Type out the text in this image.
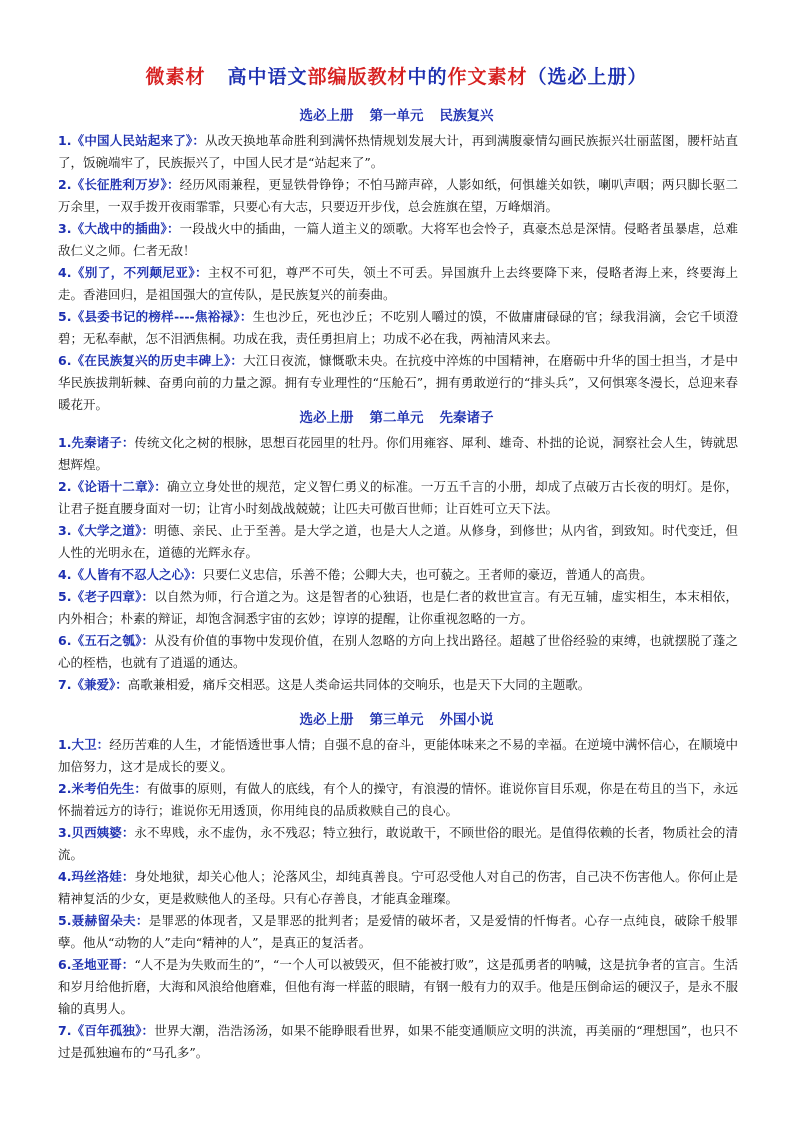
微素材 高中语文部编版教材中的作文素材（选必上册）
选必上册 第一单元 民族复兴
1.《中国人民站起来了》：从改天换地革命胜利到满怀热情规划发展大计，再到满腹豪情勾画民族振兴壮丽蓝图，腰杆站直了，饭碗端牢了，民族振兴了，中国人民才是“站起来了”。
2.《长征胜利万岁》：经历风雨兼程，更显铁骨铮铮；不怕马蹄声碎，人影如纸，何惧雄关如铁，喇叭声咽；两只脚长驱二万余里，一双手拨开夜雨霏霏，只要心有大志，只要迈开步伐，总会旌旗在望，万峰烟消。
3.《大战中的插曲》：一段战火中的插曲，一篇人道主义的颂歌。大将军也会怜子，真豪杰总是深情。侵略者虽暴虐，总难敌仁义之师。仁者无敌！
4.《别了，不列颠尼亚》：主权不可犯，尊严不可失，领土不可丢。异国旗升上去终要降下来，侵略者海上来，终要海上走。香港回归，是祖国强大的宣传队，是民族复兴的前奏曲。
5.《县委书记的榜样----焦裕禄》：生也沙丘，死也沙丘；不吃别人嚼过的馍，不做庸庸碌碌的官；绿我涓滴，会它千顷澄碧；无私奉献，怎不泪洒焦桐。功成在我，责任勇担肩上；功成不必在我，两袖清风来去。
6.《在民族复兴的历史丰碑上》：大江日夜流，慷慨歌未央。在抗疫中淬炼的中国精神，在磨砺中升华的国士担当，才是中华民族拔荆斩棘、奋勇向前的力量之源。拥有专业理性的“压舱石”，拥有勇敢逆行的“排头兵”，又何惧寒冬漫长，总迎来春暖花开。
选必上册 第二单元 先秦诸子
1.先秦诸子：传统文化之树的根脉，思想百花园里的牡丹。你们用雍容、犀利、雄奇、朴拙的论说，洞察社会人生，铸就思想辉煌。
2.《论语十二章》：确立立身处世的规范，定义智仁勇义的标准。一万五千言的小册，却成了点破万古长夜的明灯。是你，让君子挺直腰身面对一切；让宵小时刻战战兢兢；让匹夫可傲百世师；让百姓可立天下法。
3.《大学之道》：明德、亲民、止于至善。是大学之道，也是大人之道。从修身，到修世；从内省，到致知。时代变迁，但人性的光明永在，道德的光辉永存。
4.《人皆有不忍人之心》：只要仁义忠信，乐善不倦；公卿大夫，也可藐之。王者师的豪迈，普通人的高贵。
5.《老子四章》：以自然为师，行合道之为。这是智者的心独语，也是仁者的救世宣言。有无互辅，虚实相生，本末相依，内外相合；朴素的辩证，却饱含洞悉宇宙的玄妙；谆谆的提醒，让你重视忽略的一方。
6.《五石之瓠》：从没有价值的事物中发现价值，在别人忽略的方向上找出路径。超越了世俗经验的束缚，也就摆脱了蓬之心的桎梏，也就有了逍遥的通达。
7.《兼爱》：高歌兼相爱，痛斥交相恶。这是人类命运共同体的交响乐，也是天下大同的主题歌。
选必上册 第三单元 外国小说
1.大卫：经历苦难的人生，才能悟透世事人情；自强不息的奋斗，更能体味来之不易的幸福。在逆境中满怀信心，在顺境中加倍努力，这才是成长的要义。
2.米考伯先生：有做事的原则，有做人的底线，有个人的操守，有浪漫的情怀。谁说你盲目乐观，你是在苟且的当下，永远怀揣着远方的诗行；谁说你无用透顶，你用纯良的品质救赎自己的良心。
3.贝西姨婆：永不卑贱，永不虚伪，永不残忍；特立独行，敢说敢干，不顾世俗的眼光。是值得依赖的长者，物质社会的清流。
4.玛丝洛娃：身处地狱，却关心他人；沦落风尘，却纯真善良。宁可忍受他人对自己的伤害，自己决不伤害他人。你何止是精神复活的少女，更是救赎他人的圣母。只有心存善良，才能真金璀璨。
5.聂赫留朵夫：是罪恶的体现者，又是罪恶的批判者；是爱情的破坏者，又是爱情的忏悔者。心存一点纯良，破除千般罪孽。他从“动物的人”走向“精神的人”，是真正的复活者。
6.圣地亚哥：“人不是为失败而生的”，“一个人可以被毁灭，但不能被打败”，这是孤勇者的呐喊，这是抗争者的宣言。生活和岁月给他折磨，大海和风浪给他磨难，但他有海一样蓝的眼睛，有钢一般有力的双手。他是压倒命运的硬汉子，是永不服输的真男人。
7.《百年孤独》：世界大潮，浩浩汤汤，如果不能睁眼看世界，如果不能变通顺应文明的洪流，再美丽的“理想国”，也只不过是孤独遍布的“马孔多”。
